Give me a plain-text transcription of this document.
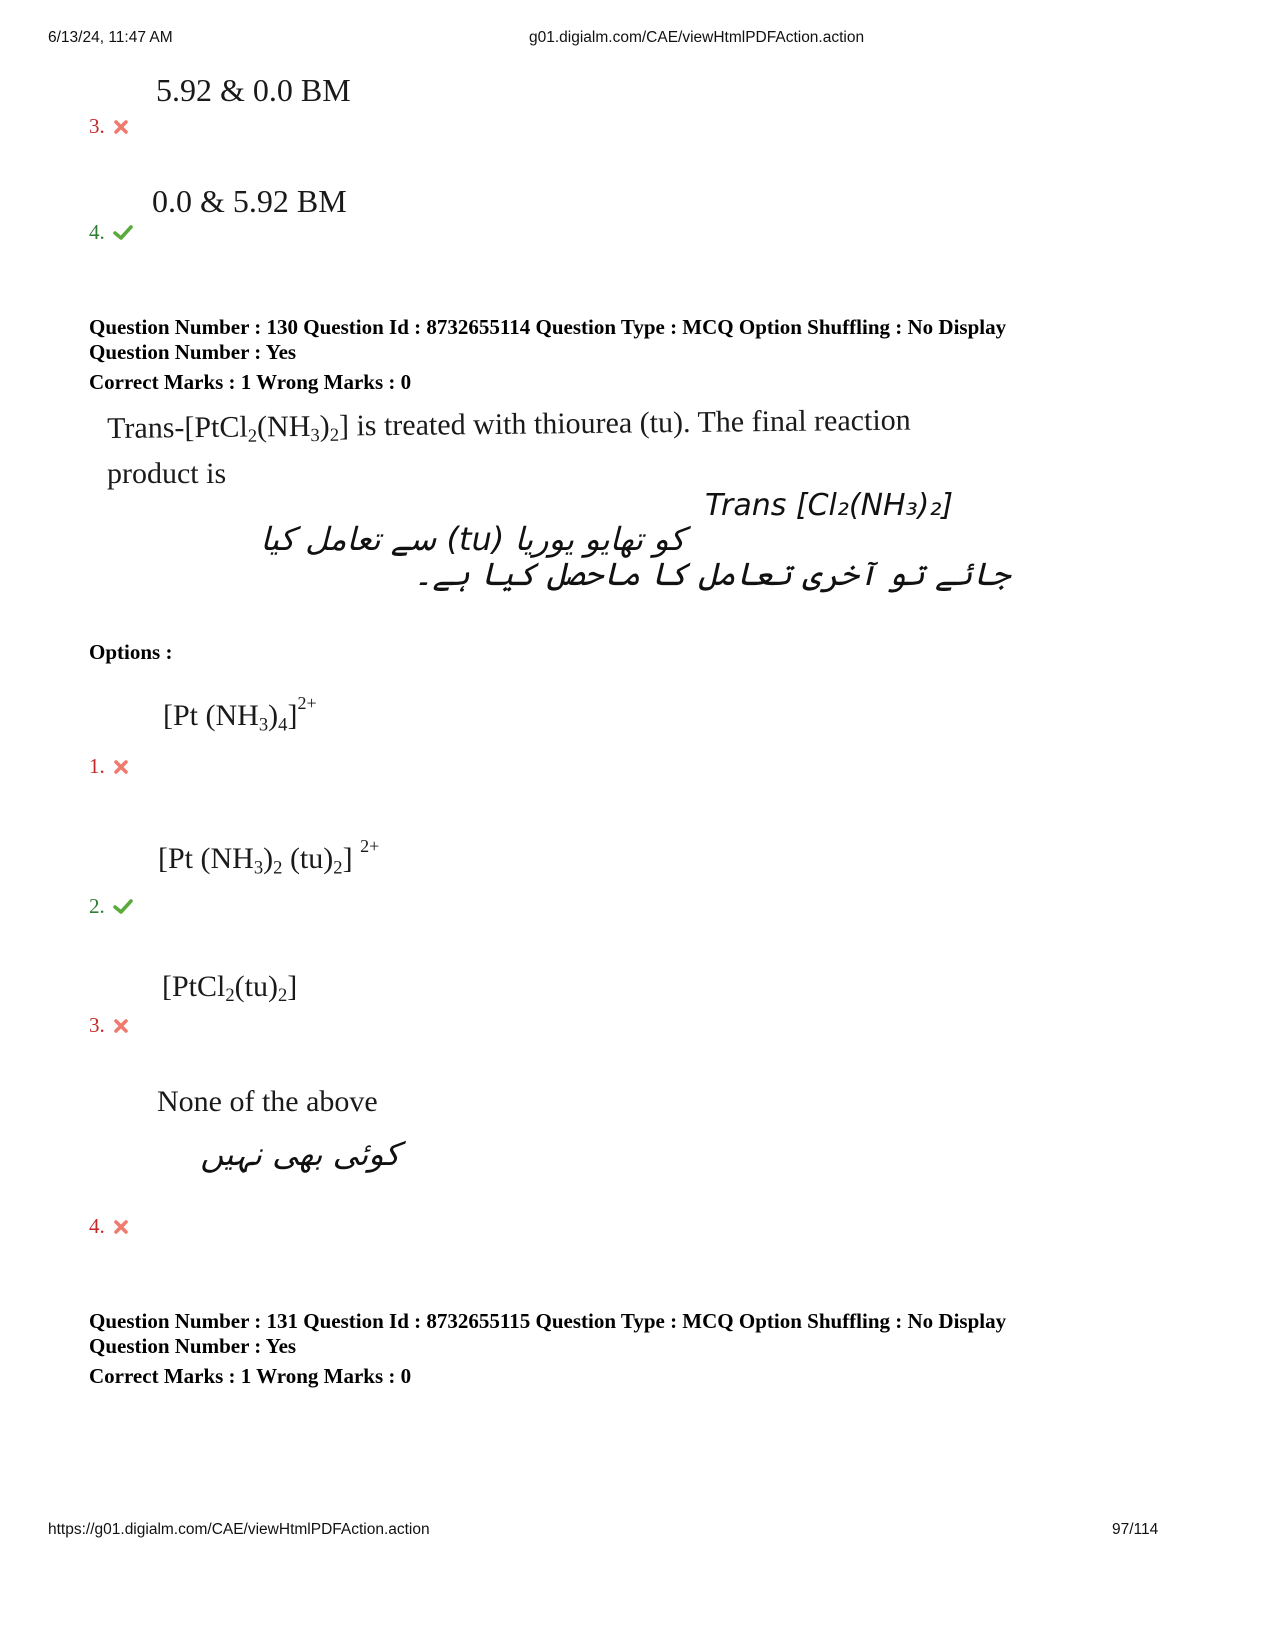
6/13/24, 11:47 AM	g01.digialm.com/CAE/viewHtmlPDFAction.action
5.92 & 0.0 BM
3.
0.0 & 5.92 BM
4.
Question Number : 130 Question Id : 8732655114 Question Type : MCQ Option Shuffling : No Display
Question Number : Yes
Correct Marks : 1 Wrong Marks : 0
Trans-$[PtCl_2(NH_3)_2]$ is treated with thiourea (tu). The final reaction
product is
Trans [Cl₂(NH₃)₂]
کو تھایو یوریا (tu) سے تعامل کیا
جائے تو آخری تعامل کا ماحصل کیا ہے۔
Options :
[Pt $(NH_3)_4]^{2+}$
1.
[Pt $(NH_3)_2$ $(tu)_2$] $^{2+}$
2.
$[PtCl_2(tu)_2]$
3.
None of the above
کوئی بھی نہیں
4.
Question Number : 131 Question Id : 8732655115 Question Type : MCQ Option Shuffling : No Display
Question Number : Yes
Correct Marks : 1 Wrong Marks : 0
https://g01.digialm.com/CAE/viewHtmlPDFAction.action	97/114
